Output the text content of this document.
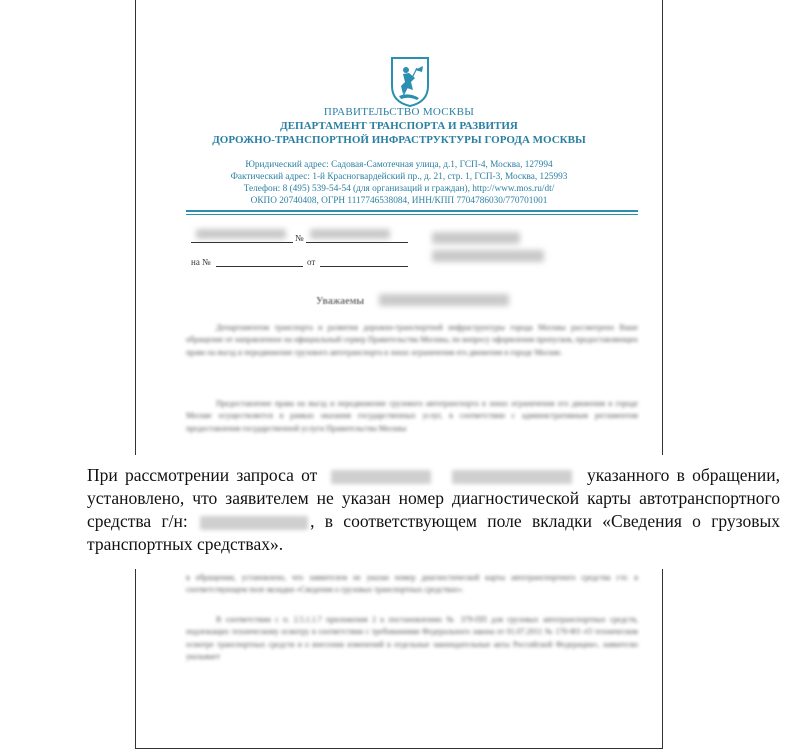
ПРАВИТЕЛЬСТВО МОСКВЫ
ДЕПАРТАМЕНТ ТРАНСПОРТА И РАЗВИТИЯ
ДОРОЖНО-ТРАНСПОРТНОЙ ИНФРАСТРУКТУРЫ ГОРОДА МОСКВЫ
Юридический адрес: Садовая-Самотечная улица, д.1, ГСП-4, Москва, 127994
Фактический адрес: 1-й Красногвардейский пр., д. 21, стр. 1, ГСП-3, Москва, 125993
Телефон: 8 (495) 539-54-54 (для организаций и граждан), http://www.mos.ru/dt/
ОКПО 20740408, ОГРН 1117746538084, ИНН/КПП 7704786030/770701001
№
на №	от
Уважаемы
Департаментом транспорта и развития дорожно-транспортной инфраструктуры города Москвы рассмотрено Ваше обращение от направленное на официальный сервер Правительства Москвы, по вопросу оформления пропусков, предоставляющих право на въезд и передвижение грузового автотранспорта в зонах ограничения его движения в городе Москве.
Предоставление права на въезд и передвижение грузового автотранспорта в зонах ограничения его движения в городе Москве осуществляется в рамках оказания государственных услуг, в соответствии с административным регламентом предоставления государственной услуги Правительства Москвы
в обращении, установлено, что заявителем не указан номер диагностической карты автотранспортного средства г/н: в соответствующем поле вкладки «Сведения о грузовых транспортных средствах».
В соответствии с п. 2.5.1.1.7 приложения 2 к постановлению № 379-ПП для грузовых автотранспортных средств, подлежащих техническому осмотру в соответствии с требованиями Федерального закона от 01.07.2011 № 170-ФЗ «О техническом осмотре транспортных средств и о внесении изменений в отдельные законодательные акты Российской Федерации», заявителю указывает
При рассмотрении запроса от	указанного в обращении, установлено, что заявителем не указан номер диагностической карты автотранспортного средства г/н:	, в соответствующем поле вкладки «Сведения о грузовых транспортных средствах».
